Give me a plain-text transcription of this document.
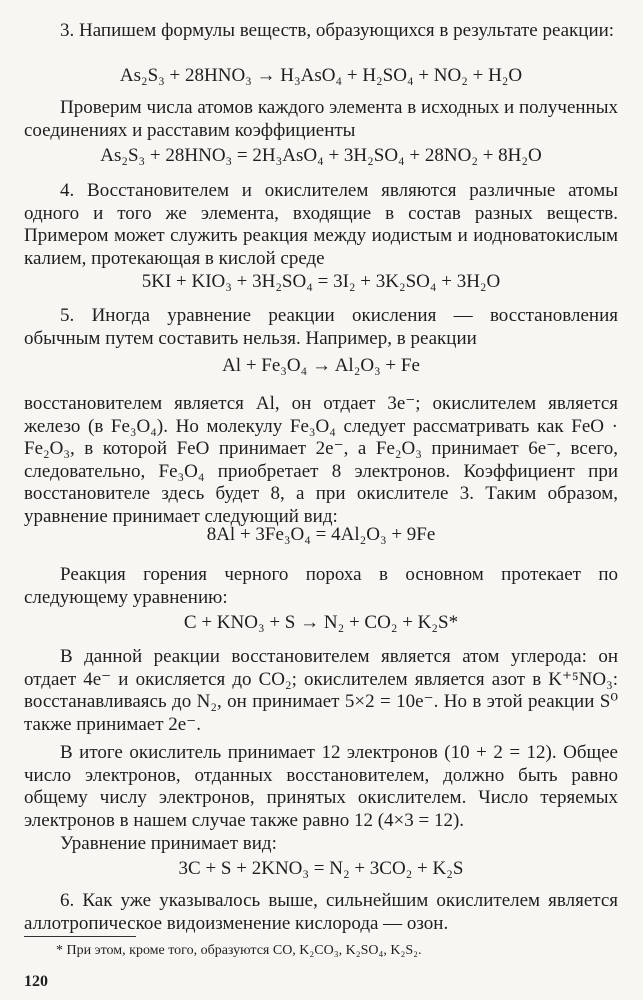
3. Напишем формулы веществ, образующихся в результате реакции:

As₂S₃ + 28HNO₃ → H₃AsO₄ + H₂SO₄ + NO₂ + H₂O

Проверим числа атомов каждого элемента в исходных и полученных соединениях и расставим коэффициенты

As₂S₃ + 28HNO₃ = 2H₃AsO₄ + 3H₂SO₄ + 28NO₂ + 8H₂O

4. Восстановителем и окислителем являются различные атомы одного и того же элемента, входящие в состав разных веществ. Примером может служить реакция между иодистым и иодноватокислым калием, протекающая в кислой среде

5KI + KIO₃ + 3H₂SO₄ = 3I₂ + 3K₂SO₄ + 3H₂O

5. Иногда уравнение реакции окисления — восстановления обычным путем составить нельзя. Например, в реакции

Al + Fe₃O₄ → Al₂O₃ + Fe

восстановителем является Al, он отдает 3e⁻; окислителем является железо (в Fe₃O₄). Но молекулу Fe₃O₄ следует рассматривать как FeO · Fe₂O₃, в которой FeO принимает 2e⁻, а Fe₂O₃ принимает 6e⁻, всего, следовательно, Fe₃O₄ приобретает 8 электронов. Коэффициент при восстановителе здесь будет 8, а при окислителе 3. Таким образом, уравнение принимает следующий вид:

8Al + 3Fe₃O₄ = 4Al₂O₃ + 9Fe

Реакция горения черного пороха в основном протекает по следующему уравнению:

C + KNO₃ + S → N₂ + CO₂ + K₂S*

В данной реакции восстановителем является атом углерода: он отдает 4e⁻ и окисляется до CO₂; окислителем является азот в K⁺⁵NO₃: восстанавливаясь до N₂, он принимает 5×2 = 10e⁻. Но в этой реакции S⁰ также принимает 2e⁻.

В итоге окислитель принимает 12 электронов (10 + 2 = 12). Общее число электронов, отданных восстановителем, должно быть равно общему числу электронов, принятых окислителем. Число теряемых электронов в нашем случае также равно 12 (4×3 = 12).

Уравнение принимает вид:

3C + S + 2KNO₃ = N₂ + 3CO₂ + K₂S

6. Как уже указывалось выше, сильнейшим окислителем является аллотропическое видоизменение кислорода — озон.

* При этом, кроме того, образуются CO, K₂CO₃, K₂SO₄, K₂S₂.
120
